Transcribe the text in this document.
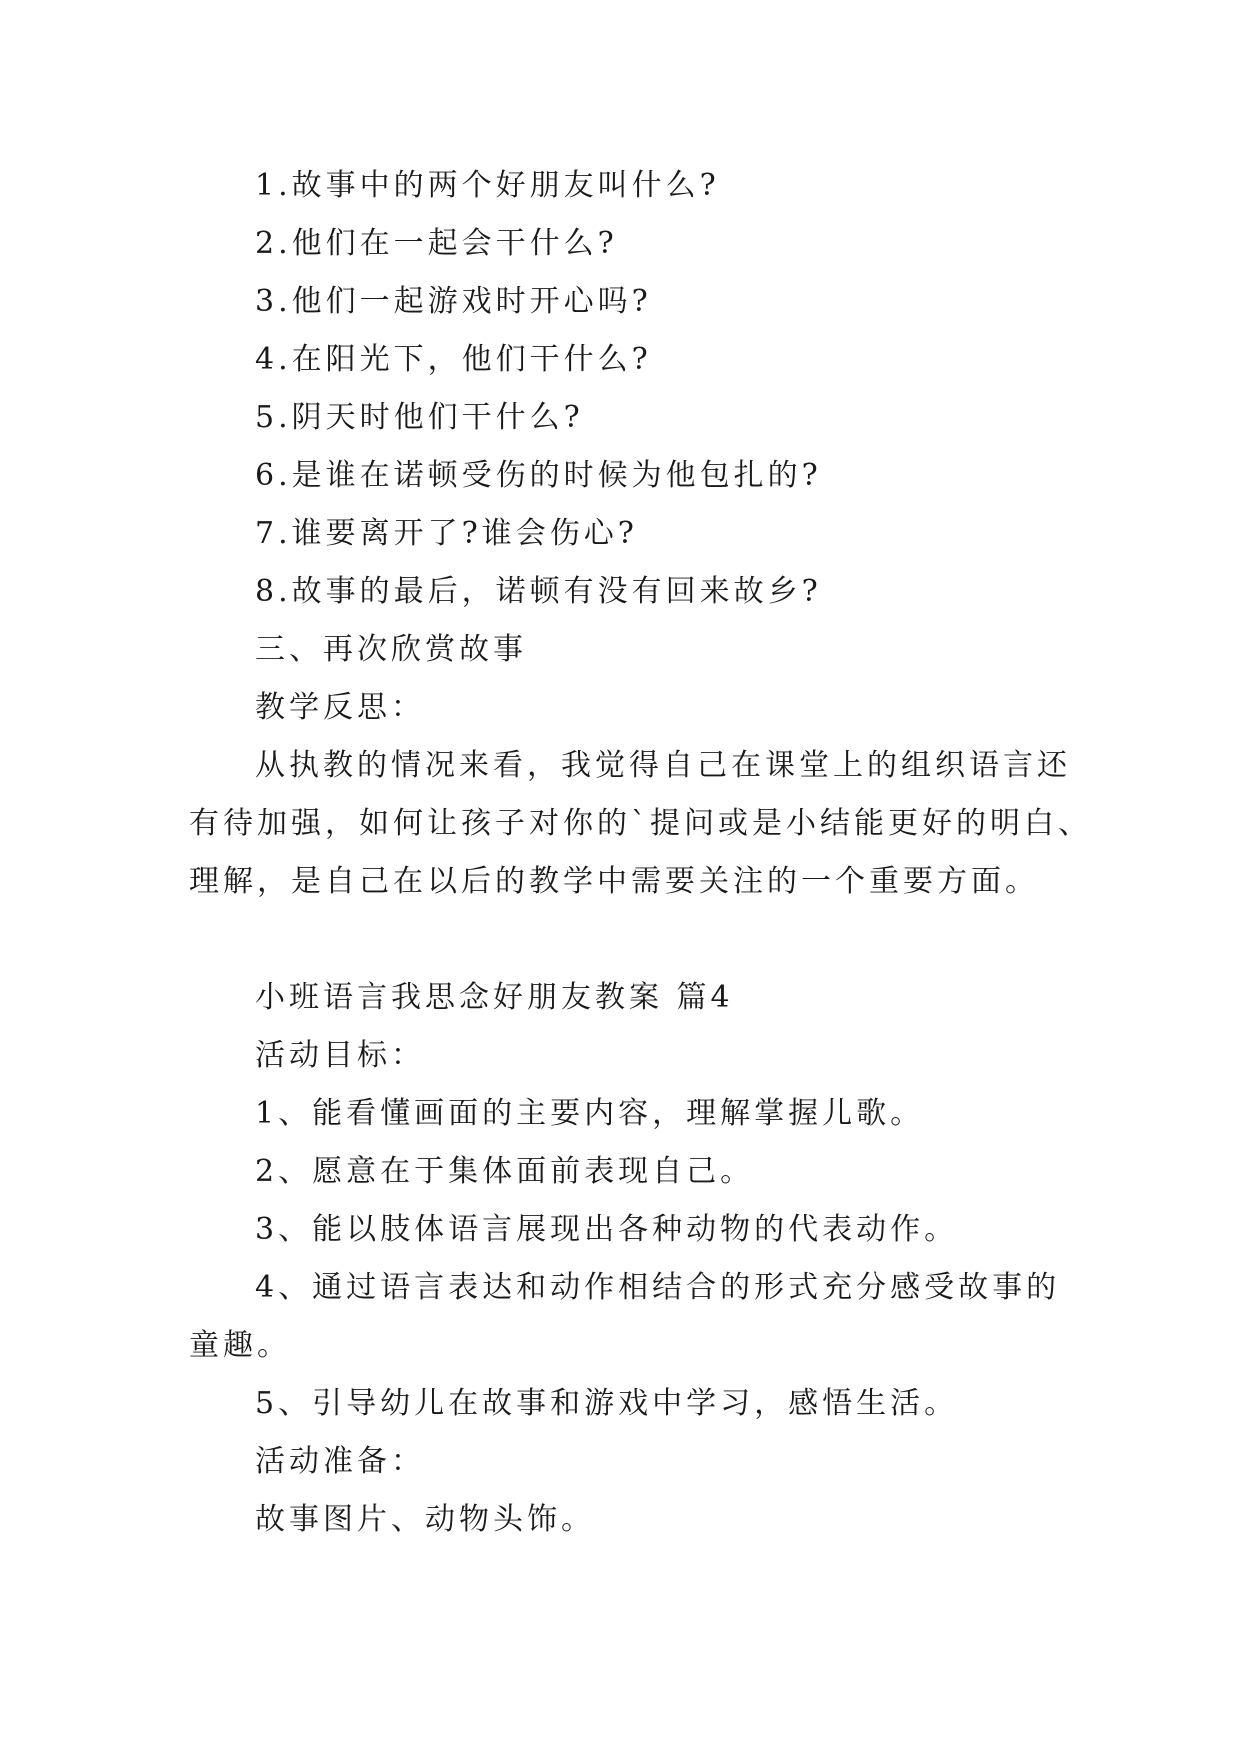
1.故事中的两个好朋友叫什么?
2.他们在一起会干什么?
3.他们一起游戏时开心吗?
4.在阳光下，他们干什么?
5.阴天时他们干什么?
6.是谁在诺顿受伤的时候为他包扎的?
7.谁要离开了?谁会伤心?
8.故事的最后，诺顿有没有回来故乡?
三、再次欣赏故事
教学反思：
从执教的情况来看，我觉得自己在课堂上的组织语言还
有待加强，如何让孩子对你的`提问或是小结能更好的明白、
理解，是自己在以后的教学中需要关注的一个重要方面。
小班语言我思念好朋友教案 篇4
活动目标：
1、能看懂画面的主要内容，理解掌握儿歌。
2、愿意在于集体面前表现自己。
3、能以肢体语言展现出各种动物的代表动作。
4、通过语言表达和动作相结合的形式充分感受故事的
童趣。
5、引导幼儿在故事和游戏中学习，感悟生活。
活动准备：
故事图片、动物头饰。
